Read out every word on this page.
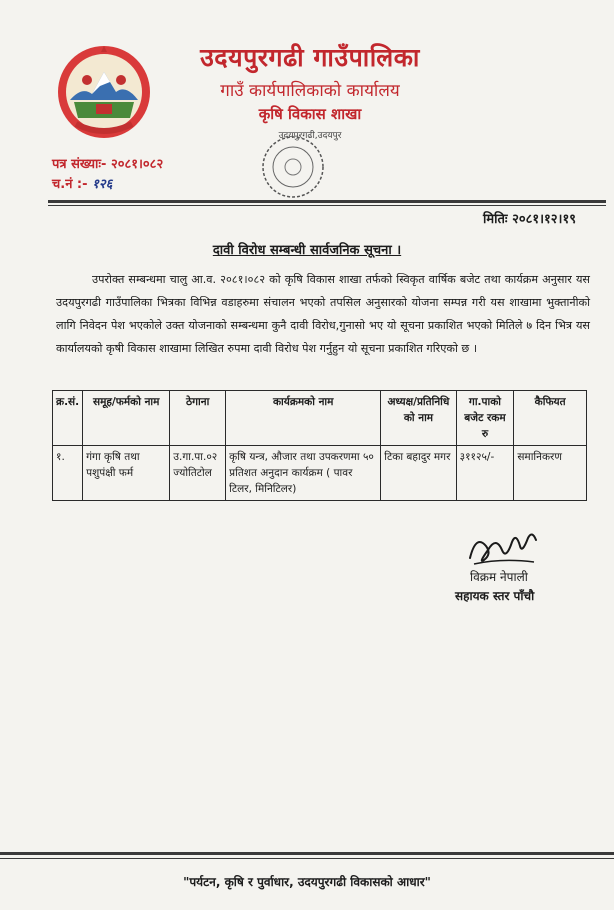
उदयपुरगढी गाउँपालिका
गाउँ कार्यपालिकाको कार्यालय
कृषि विकास शाखा
उदयपुरगढी,उदयपुर
पत्र संख्याः- २०८१।०८२
च.नं :- १२६
मितिः २०८१।१२।१९
दावी विरोध सम्बन्धी सार्वजनिक सूचना ।
उपरोक्त सम्बन्धमा चालु आ.व. २०८१।०८२ को कृषि विकास शाखा तर्फको स्विकृत वार्षिक बजेट तथा कार्यक्रम अनुसार यस उदयपुरगढी गाउँपालिका भित्रका विभिन्न वडाहरुमा संचालन भएको तपसिल अनुसारको योजना सम्पन्न गरी यस शाखामा भुक्तानीको लागि निवेदन पेश भएकोले उक्त योजनाको सम्बन्धमा कुनै दावी विरोध,गुनासो भए यो सूचना प्रकाशित भएको मितिले ७ दिन भित्र यस कार्यालयको कृषी विकास शाखामा लिखित रुपमा दावी विरोध पेश गर्नुहुन यो सूचना प्रकाशित गरिएको छ ।
क्र.सं.	समूह/फर्मको नाम	ठेगाना	कार्यक्रमको नाम	अध्यक्ष/प्रतिनिधि को नाम	गा.पाको बजेट रकम रु	कैफियत
१.	गंगा कृषि तथा पशुपंक्षी फर्म	उ.गा.पा.०२ ज्योतिटोल	कृषि यन्त्र, औजार तथा उपकरणमा ५० प्रतिशत अनुदान कार्यक्रम ( पावर टिलर, मिनिटिलर)	टिका बहादुर मगर	३११२५/-	समानिकरण
विक्रम नेपाली
सहायक स्तर पाँचौ
"पर्यटन, कृषि र पुर्वाधार, उदयपुरगढी विकासको आधार"
